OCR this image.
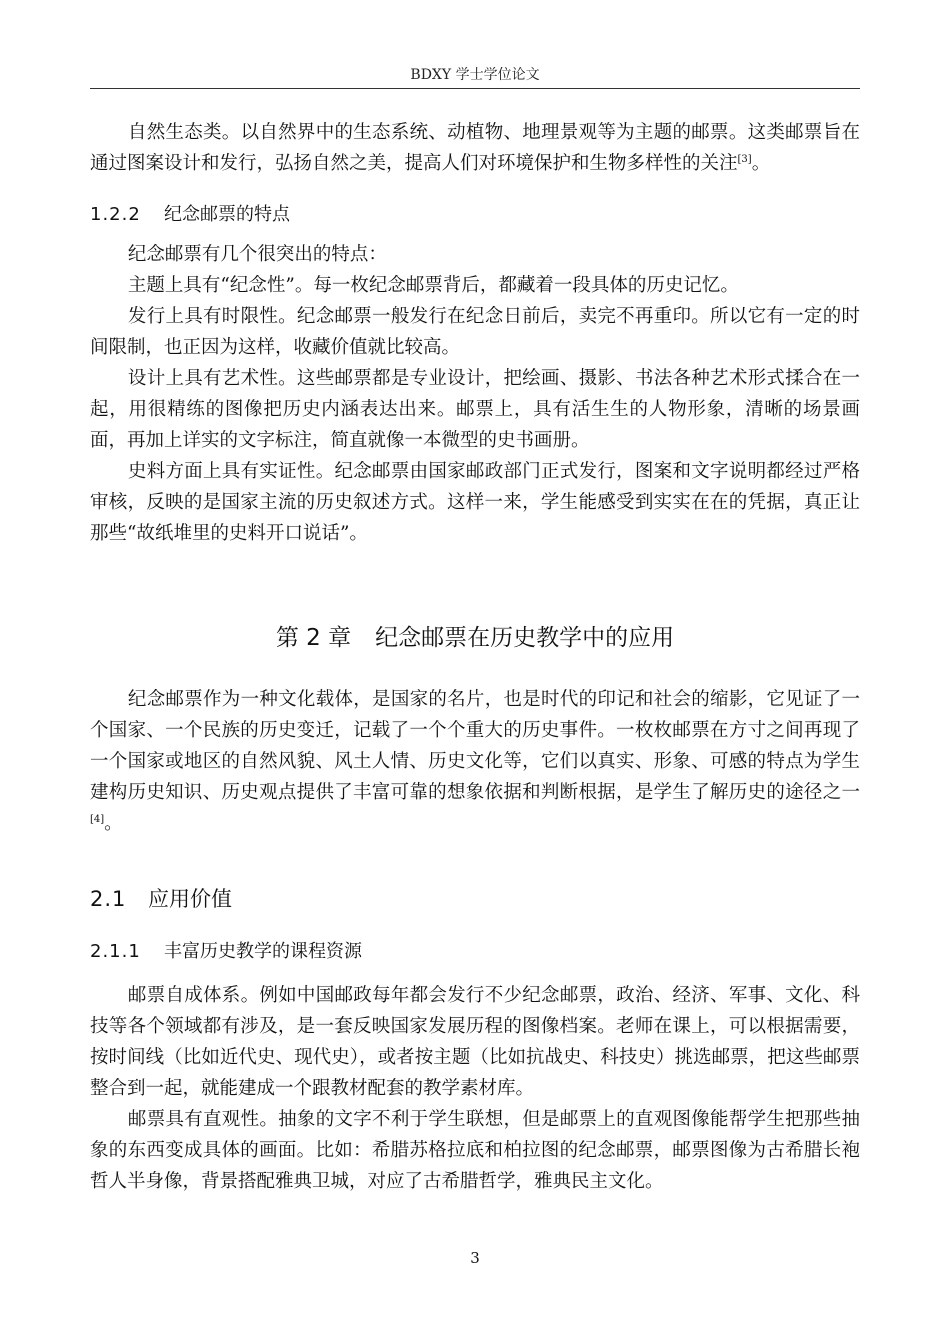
BDXY 学士学位论文

自然生态类。以自然界中的生态系统、动植物、地理景观等为主题的邮票。这类邮票旨在通过图案设计和发行，弘扬自然之美，提高人们对环境保护和生物多样性的关注[3]。

1.2.2 纪念邮票的特点

纪念邮票有几个很突出的特点：

主题上具有“纪念性”。每一枚纪念邮票背后，都藏着一段具体的历史记忆。

发行上具有时限性。纪念邮票一般发行在纪念日前后，卖完不再重印。所以它有一定的时间限制，也正因为这样，收藏价值就比较高。

设计上具有艺术性。这些邮票都是专业设计，把绘画、摄影、书法各种艺术形式揉合在一起，用很精练的图像把历史内涵表达出来。邮票上，具有活生生的人物形象，清晰的场景画面，再加上详实的文字标注，简直就像一本微型的史书画册。

史料方面上具有实证性。纪念邮票由国家邮政部门正式发行，图案和文字说明都经过严格审核，反映的是国家主流的历史叙述方式。这样一来，学生能感受到实实在在的凭据，真正让那些“故纸堆里的史料开口说话”。

第 2 章 纪念邮票在历史教学中的应用

纪念邮票作为一种文化载体，是国家的名片，也是时代的印记和社会的缩影，它见证了一个国家、一个民族的历史变迁，记载了一个个重大的历史事件。一枚枚邮票在方寸之间再现了一个国家或地区的自然风貌、风土人情、历史文化等，它们以真实、形象、可感的特点为学生建构历史知识、历史观点提供了丰富可靠的想象依据和判断根据，是学生了解历史的途径之一[4]。

2.1 应用价值
2.1.1 丰富历史教学的课程资源

邮票自成体系。例如中国邮政每年都会发行不少纪念邮票，政治、经济、军事、文化、科技等各个领域都有涉及，是一套反映国家发展历程的图像档案。老师在课上，可以根据需要，按时间线（比如近代史、现代史），或者按主题（比如抗战史、科技史）挑选邮票，把这些邮票整合到一起，就能建成一个跟教材配套的教学素材库。

邮票具有直观性。抽象的文字不利于学生联想，但是邮票上的直观图像能帮学生把那些抽象的东西变成具体的画面。比如：希腊苏格拉底和柏拉图的纪念邮票，邮票图像为古希腊长袍哲人半身像，背景搭配雅典卫城，对应了古希腊哲学，雅典民主文化。

3
